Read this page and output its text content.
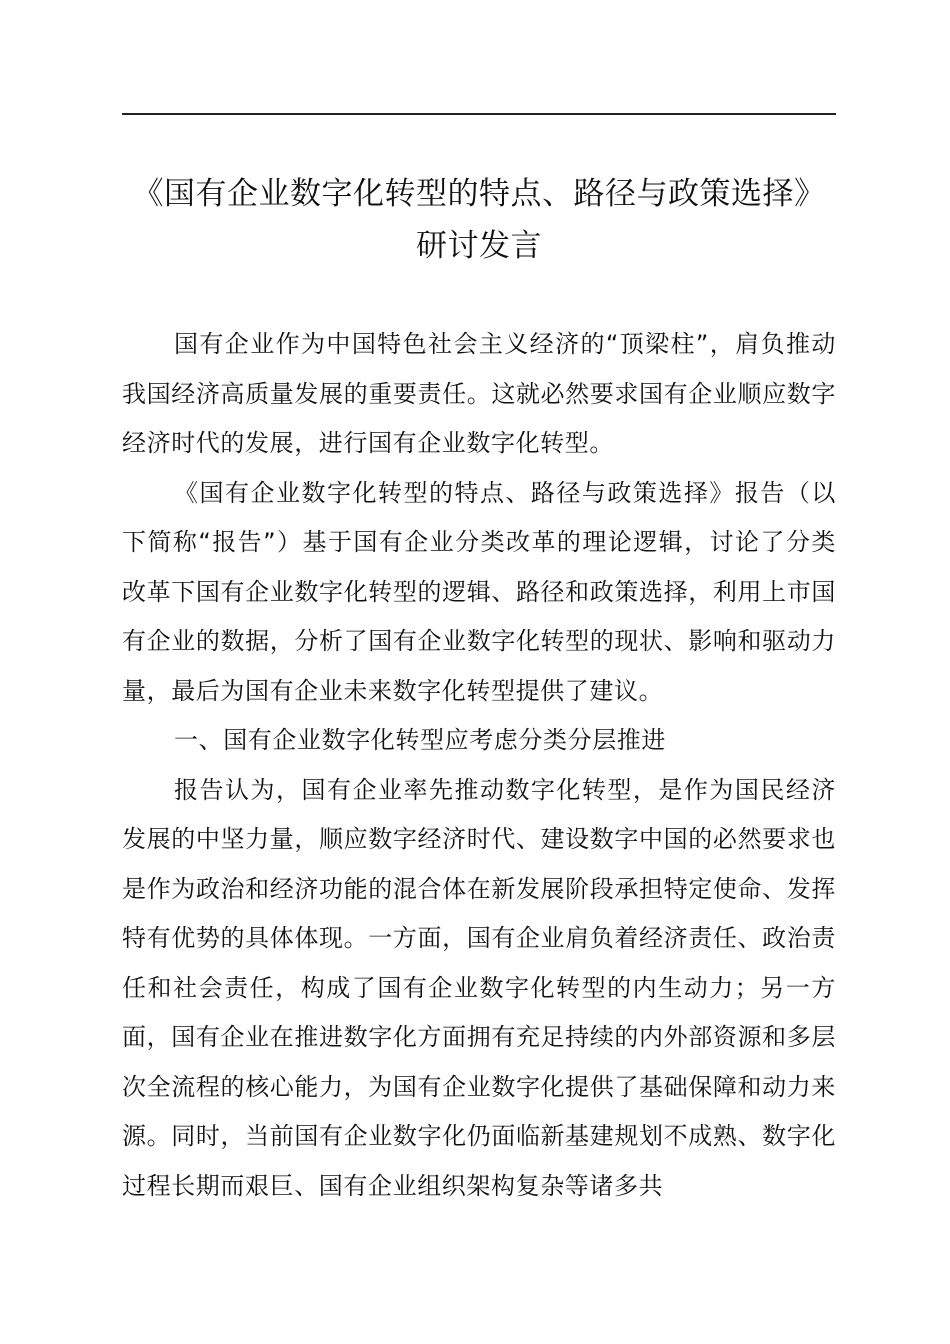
《国有企业数字化转型的特点、路径与政策选择》研讨发言

国有企业作为中国特色社会主义经济的“顶梁柱”，肩负推动我国经济高质量发展的重要责任。这就必然要求国有企业顺应数字经济时代的发展，进行国有企业数字化转型。

《国有企业数字化转型的特点、路径与政策选择》报告（以下简称“报告”）基于国有企业分类改革的理论逻辑，讨论了分类改革下国有企业数字化转型的逻辑、路径和政策选择，利用上市国有企业的数据，分析了国有企业数字化转型的现状、影响和驱动力量，最后为国有企业未来数字化转型提供了建议。

一、国有企业数字化转型应考虑分类分层推进

报告认为，国有企业率先推动数字化转型，是作为国民经济发展的中坚力量，顺应数字经济时代、建设数字中国的必然要求也是作为政治和经济功能的混合体在新发展阶段承担特定使命、发挥特有优势的具体体现。一方面，国有企业肩负着经济责任、政治责任和社会责任，构成了国有企业数字化转型的内生动力；另一方面，国有企业在推进数字化方面拥有充足持续的内外部资源和多层次全流程的核心能力，为国有企业数字化提供了基础保障和动力来源。同时，当前国有企业数字化仍面临新基建规划不成熟、数字化过程长期而艰巨、国有企业组织架构复杂等诸多共
